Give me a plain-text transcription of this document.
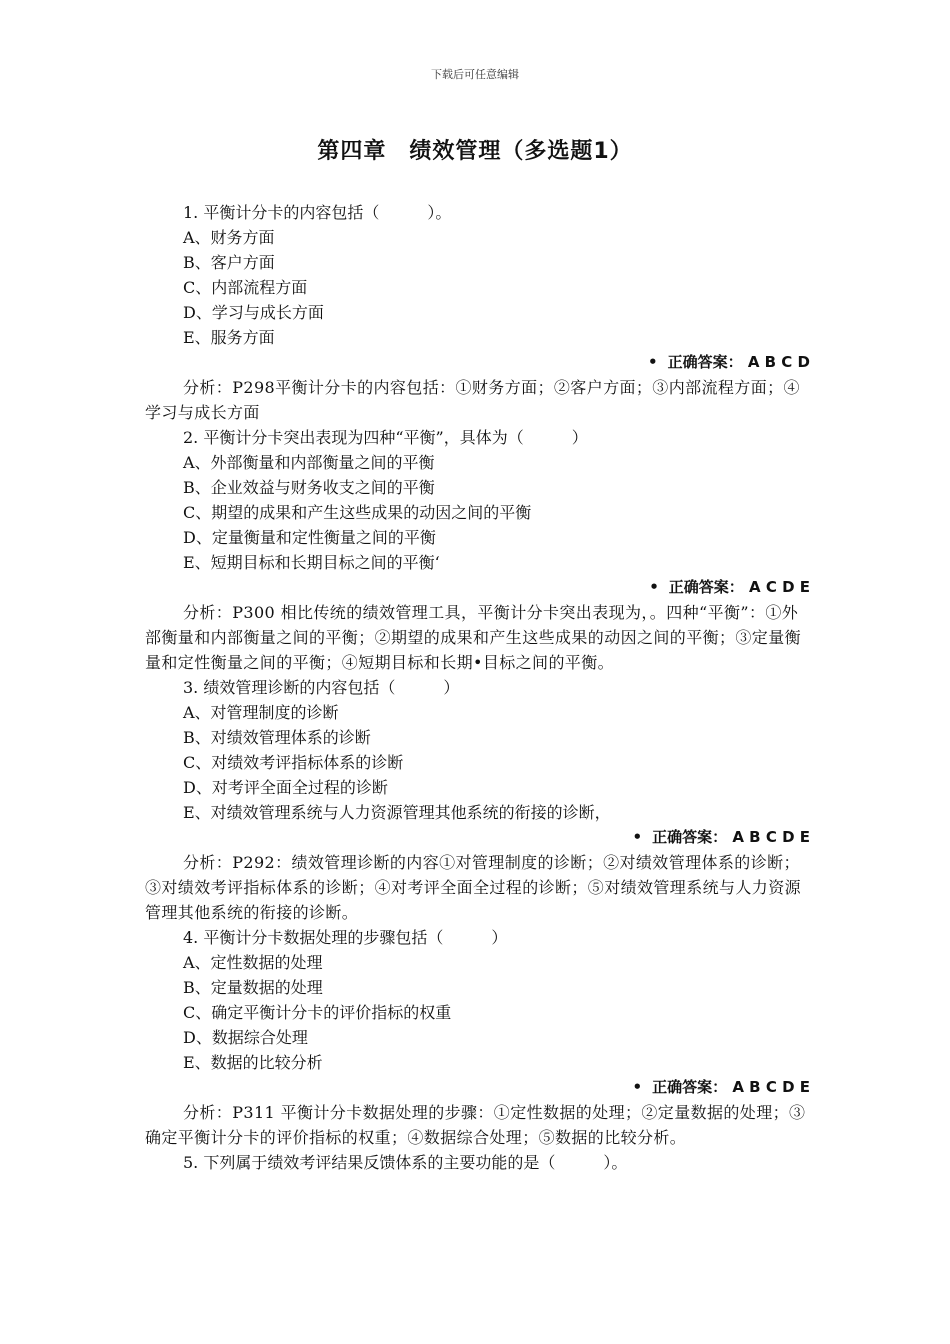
下载后可任意编辑
第四章　绩效管理（多选题1）
1. 平衡计分卡的内容包括（　　　）。
A、财务方面
B、客户方面
C、内部流程方面
D、学习与成长方面
E、服务方面
• 正确答案： A B C D
分析：P298平衡计分卡的内容包括：①财务方面；②客户方面；③内部流程方面；④学习与成长方面
2. 平衡计分卡突出表现为四种“平衡”，具体为（　　　）
A、外部衡量和内部衡量之间的平衡
B、企业效益与财务收支之间的平衡
C、期望的成果和产生这些成果的动因之间的平衡
D、定量衡量和定性衡量之间的平衡
E、短期目标和长期目标之间的平衡‘
• 正确答案： A C D E
分析：P300 相比传统的绩效管理工具，平衡计分卡突出表现为，。四种“平衡”：①外部衡量和内部衡量之间的平衡；②期望的成果和产生这些成果的动因之间的平衡；③定量衡量和定性衡量之间的平衡；④短期目标和长期•目标之间的平衡。
3. 绩效管理诊断的内容包括（　　　）
A、对管理制度的诊断
B、对绩效管理体系的诊断
C、对绩效考评指标体系的诊断
D、对考评全面全过程的诊断
E、对绩效管理系统与人力资源管理其他系统的衔接的诊断，
• 正确答案： A B C D E
分析：P292：绩效管理诊断的内容①对管理制度的诊断；②对绩效管理体系的诊断；③对绩效考评指标体系的诊断；④对考评全面全过程的诊断；⑤对绩效管理系统与人力资源管理其他系统的衔接的诊断。
4. 平衡计分卡数据处理的步骤包括（　　　）
A、定性数据的处理
B、定量数据的处理
C、确定平衡计分卡的评价指标的权重
D、数据综合处理
E、数据的比较分析
• 正确答案： A B C D E
分析：P311 平衡计分卡数据处理的步骤：①定性数据的处理；②定量数据的处理；③确定平衡计分卡的评价指标的权重；④数据综合处理；⑤数据的比较分析。
5. 下列属于绩效考评结果反馈体系的主要功能的是（　　　）。
